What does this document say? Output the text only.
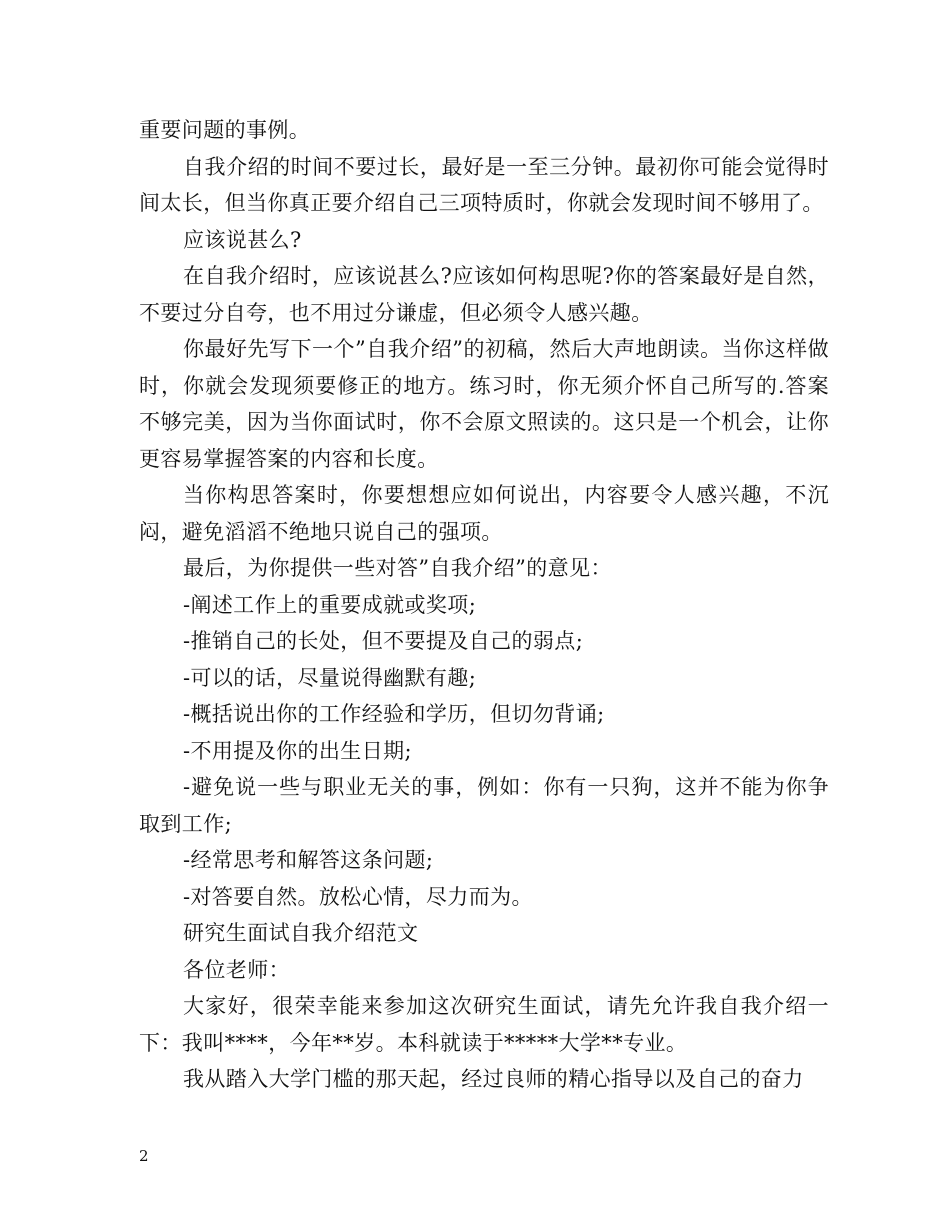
重要问题的事例。

自我介绍的时间不要过长，最好是一至三分钟。最初你可能会觉得时间太长，但当你真正要介绍自己三项特质时，你就会发现时间不够用了。

应该说甚么?

在自我介绍时，应该说甚么?应该如何构思呢?你的答案最好是自然，不要过分自夸，也不用过分谦虚，但必须令人感兴趣。

你最好先写下一个”自我介绍”的初稿，然后大声地朗读。当你这样做时，你就会发现须要修正的地方。练习时，你无须介怀自己所写的.答案不够完美，因为当你面试时，你不会原文照读的。这只是一个机会，让你更容易掌握答案的内容和长度。

当你构思答案时，你要想想应如何说出，内容要令人感兴趣，不沉闷，避免滔滔不绝地只说自己的强项。

最后，为你提供一些对答”自我介绍”的意见：

-阐述工作上的重要成就或奖项;

-推销自己的长处，但不要提及自己的弱点;

-可以的话，尽量说得幽默有趣;

-概括说出你的工作经验和学历，但切勿背诵;

-不用提及你的出生日期;

-避免说一些与职业无关的事，例如：你有一只狗，这并不能为你争取到工作;

-经常思考和解答这条问题;

-对答要自然。放松心情，尽力而为。

研究生面试自我介绍范文

各位老师：

大家好，很荣幸能来参加这次研究生面试，请先允许我自我介绍一下：我叫****，今年**岁。本科就读于*****大学**专业。

我从踏入大学门槛的那天起，经过良师的精心指导以及自己的奋力

2
